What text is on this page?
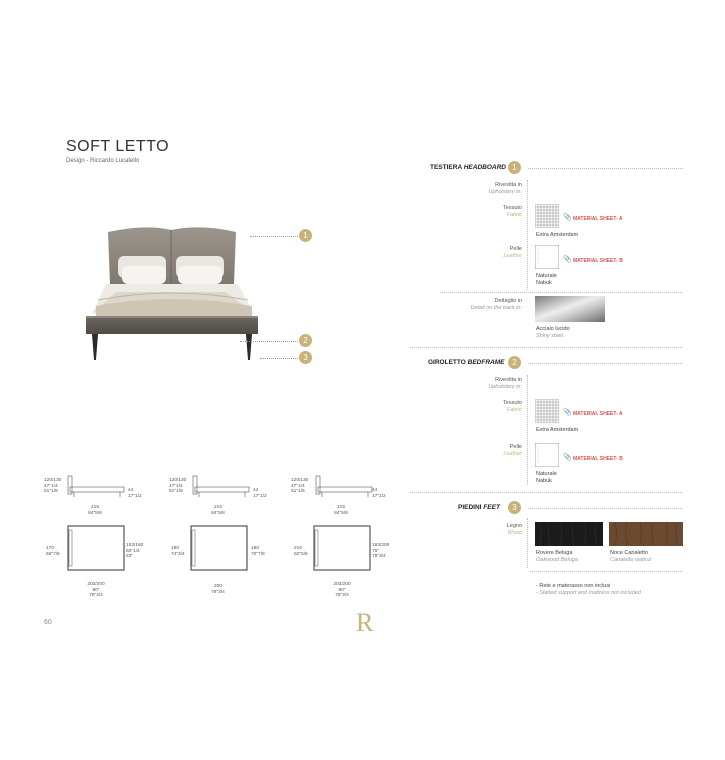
SOFT LETTO
Design - Riccardo Lucatello
1
2
3
120/130
47"1/4
51"1/8	44
17"1/2
215
84"5/8
170
66"7/8
153/160
60"1/4
63"
203/200
80"
78"3/4
120/130
47"1/4
51"1/8	44
17"1/2
215
84"5/8
190
74"3/4
180
70"7/8
200
78"3/4
120/130
47"1/4
51"1/8	44
17"1/2
215
84"5/8
210
82"5/8
193/200
76"
78"3/4
203/200
80"
78"3/4
60	R
TESTIERA HEADBOARD 1
Rivestita in
Upholstery in:
Tessuto
Fabric	📎 MATERIAL SHEET- A
Extra Amsterdam
Pelle
Leather	📎 MATERIAL SHEET- B
Naturale
Nabuk
Dettaglio in
Detail on the back in:
Acciaio lucido
Shiny steel.
GIROLETTO BEDFRAME 2
Rivestita in
Upholstery in:
Tessuto
Fabric	📎 MATERIAL SHEET- A
Extra Amsterdam
Pelle
Leather	📎 MATERIAL SHEET- B
Naturale
Nabuk
PIEDINI FEET	3
Legno
Wood
Rovere Beluga
Oakwood Beluga
Noce Canaletto
Canaletto walnut
- Rete e materasso non inclusi
- Slatted support and mattress not included
